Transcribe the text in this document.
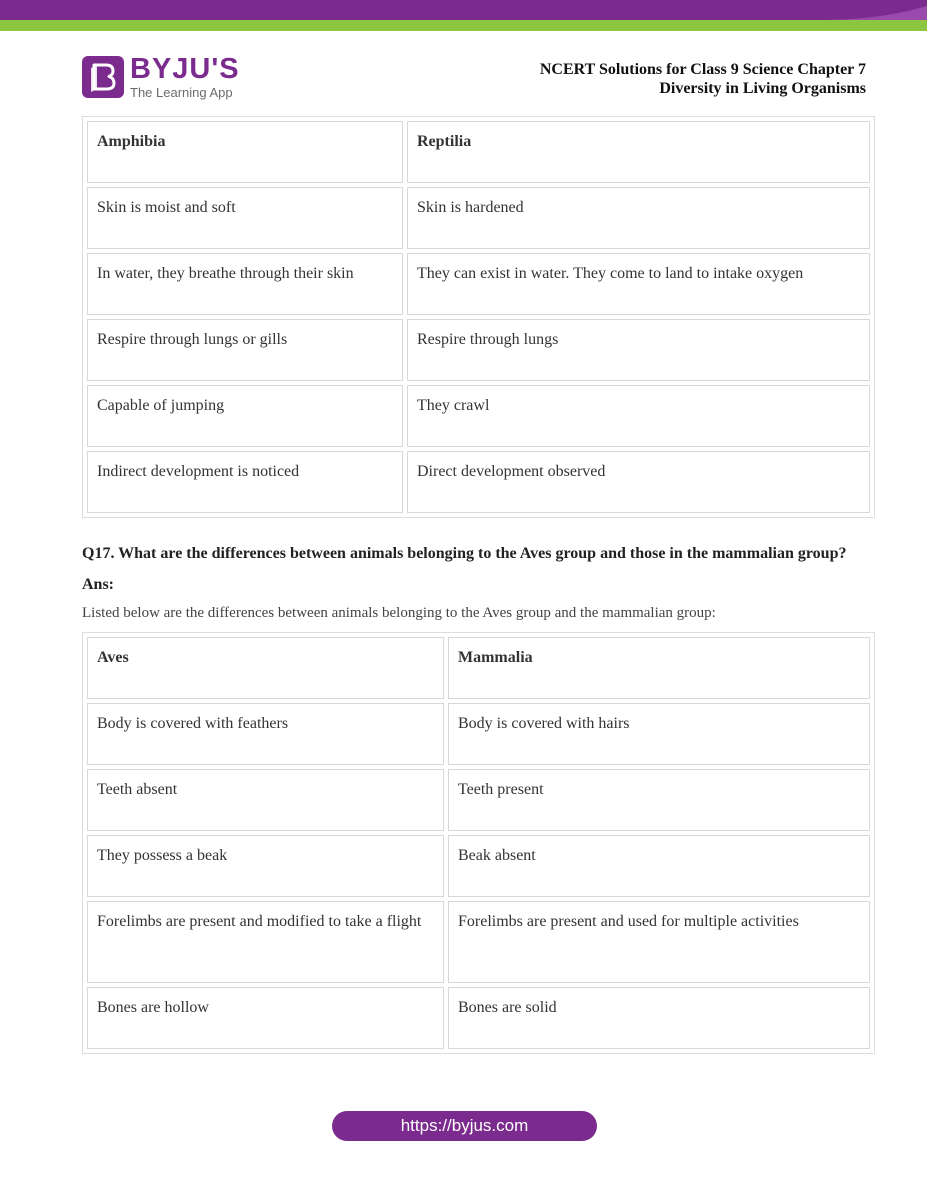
BYJU'S
The Learning App
NCERT Solutions for Class 9 Science Chapter 7
Diversity in Living Organisms
Amphibia	Reptilia
Skin is moist and soft	Skin is hardened
In water, they breathe through their skin	They can exist in water. They come to land to intake oxygen
Respire through lungs or gills	Respire through lungs
Capable of jumping	They crawl
Indirect development is noticed	Direct development observed
Q17. What are the differences between animals belonging to the Aves group and those in the mammalian group?
Ans:
Listed below are the differences between animals belonging to the Aves group and the mammalian group:
Aves	Mammalia
Body is covered with feathers	Body is covered with hairs
Teeth absent	Teeth present
They possess a beak	Beak absent
Forelimbs are present and modified to take a flight	Forelimbs are present and used for multiple activities
Bones are hollow	Bones are solid
https://byjus.com
